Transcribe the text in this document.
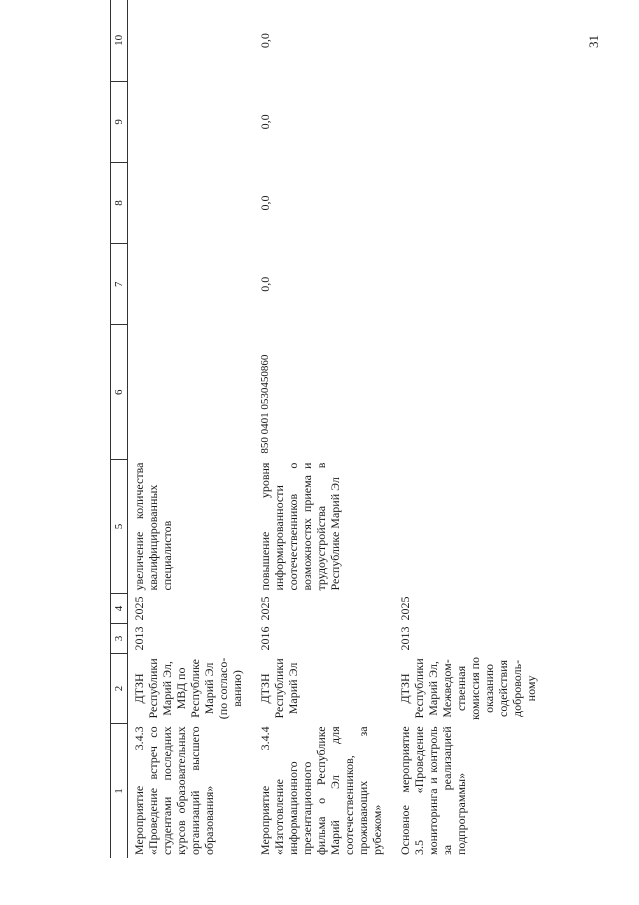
31
1	2	3	4	5	6	7	8	9	10
Мероприятие 3.4.3 «Проведение встреч со студентами последних курсов образовательных организаций высшего образования»	ДТЗН Республики Марий Эл, МВД по Республике Марий Эл (по согласо-ванию)	2013	2025	увеличение количества квалифицированных специалистов					
Мероприятие 3.4.4 «Изготовление информационного презентационного фильма о Республике Марий Эл для соотечественников, проживающих за рубежом»	ДТЗН Республики Марий Эл	2016	2025	повышение уровня информированности соотечественников о возможностях приема и трудоустройства в Республике Марий Эл	850 0401 0530450860	0,0	0,0	0,0	0,0
Основное мероприятие 3.5 «Проведение мониторинга и контроль за реализацией подпрограммы»	ДТЗН Республики Марий Эл, Межведом-ственная комиссия по оказанию содействия доброволь-ному	2013	2025						
